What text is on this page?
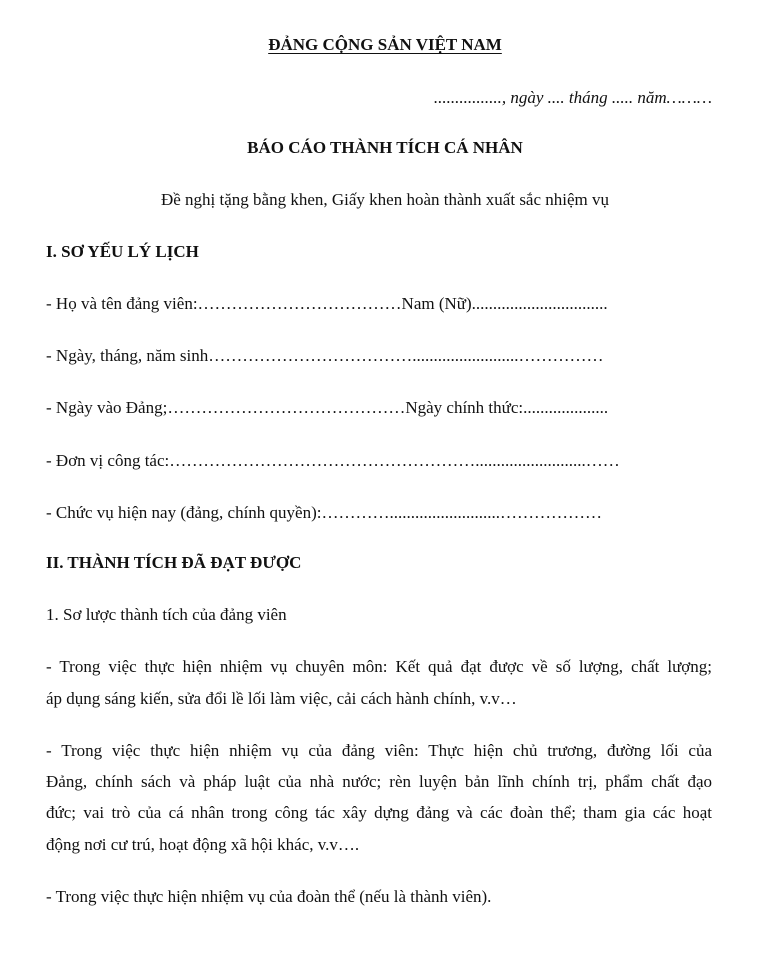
ĐẢNG CỘNG SẢN VIỆT NAM
................, ngày .... tháng ..... năm………
BÁO CÁO THÀNH TÍCH CÁ NHÂN
Đề nghị tặng bằng khen, Giấy khen hoàn thành xuất sắc nhiệm vụ
I. SƠ YẾU LÝ LỊCH
- Họ và tên đảng viên:………………………………Nam (Nữ)................................
- Ngày, tháng, năm sinh……………………………….........................……………
- Ngày vào Đảng;……………………………………Ngày chính thức:....................
- Đơn vị công tác:………………………………………………..........................……
- Chức vụ hiện nay (đảng, chính quyền):…………..........................………………
II. THÀNH TÍCH ĐÃ ĐẠT ĐƯỢC
1. Sơ lược thành tích của đảng viên
- Trong việc thực hiện nhiệm vụ chuyên môn: Kết quả đạt được về số lượng, chất lượng;
áp dụng sáng kiến, sửa đổi lề lối làm việc, cải cách hành chính, v.v…
- Trong việc thực hiện nhiệm vụ của đảng viên: Thực hiện chủ trương, đường lối của
Đảng, chính sách và pháp luật của nhà nước; rèn luyện bản lĩnh chính trị, phẩm chất đạo
đức; vai trò của cá nhân trong công tác xây dựng đảng và các đoàn thể; tham gia các hoạt
động nơi cư trú, hoạt động xã hội khác, v.v….
- Trong việc thực hiện nhiệm vụ của đoàn thể (nếu là thành viên).
